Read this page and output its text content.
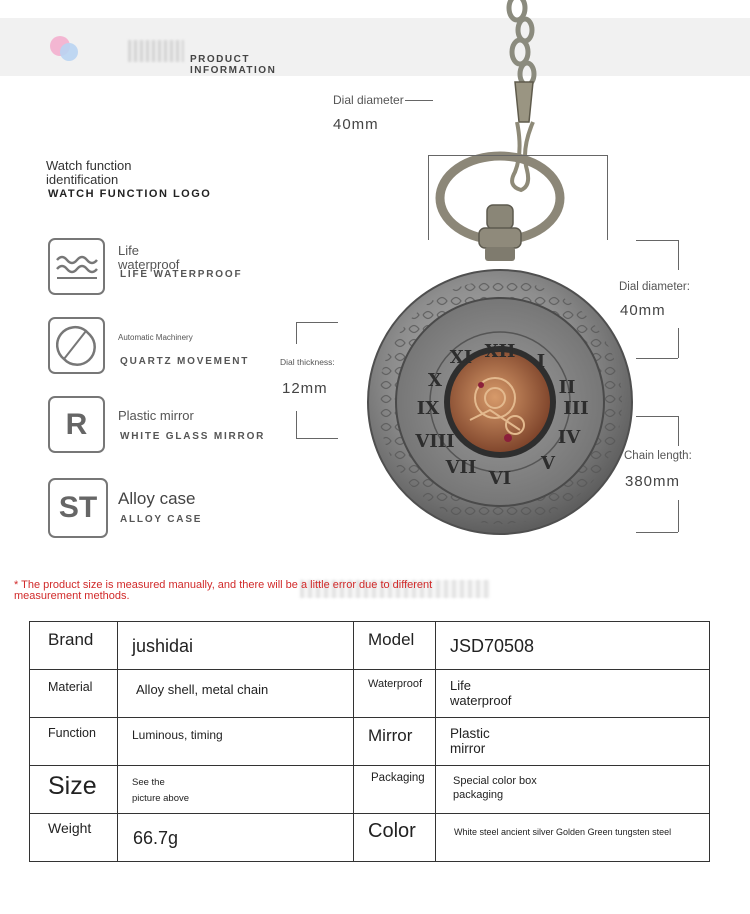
PRODUCT
INFORMATION
Watch function
identification
WATCH FUNCTION LOGO
Life
waterproof
LIFE WATERPROOF
Automatic Machinery
QUARTZ MOVEMENT
R Plastic mirror
WHITE GLASS MIRROR
ST Alloy case
ALLOY CASE
XII I
II
III
IV
V
VI
VII
VIII
IX
X
XI
Dial diameter
40mm
Dial diameter:
40mm
Dial thickness:
12mm
Chain length:
380mm
* The product size is measured manually, and there will be a little error due to different
measurement methods.
Brand	jushidai	Model	JSD70508
Material	Alloy shell, metal chain	Waterproof	Life
waterproof
Function	Luminous, timing	Mirror	Plastic
mirror
Size	See the
picture above	Packaging	Special color box
packaging
Weight	66.7g	Color	White steel ancient silver Golden Green tungsten steel
